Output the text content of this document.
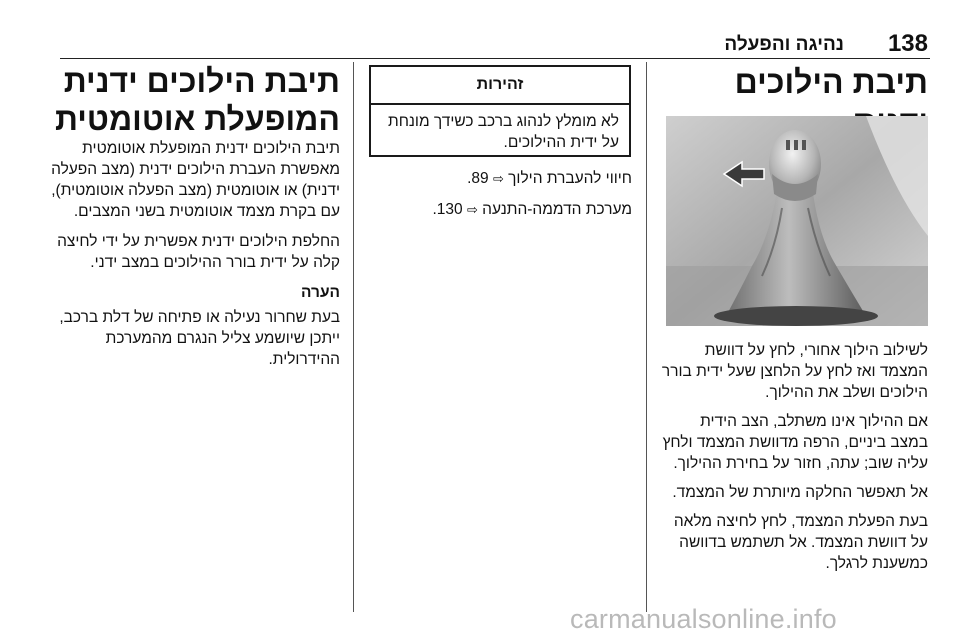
נהיגה והפעלה 138
תיבת הילוכים

לשילוב הילוך אחורי, לחץ על דוושת המצמד ואז לחץ על הלחצן שעל ידית בורר הילוכים ושלב את ההילוך.

אם ההילוך אינו משתלב, הצב הידית במצב ביניים, הרפה מדוושת המצמד ולחץ עליה שוב; עתה, חזור על בחירת ההילוך.

אל תאפשר החלקה מיותרת של המצמד.

בעת הפעלת המצמד, לחץ לחיצה מלאה על דוושת המצמד. אל תשתמש בדוושה כמשענת לרגלך.

זהירות
לא מומלץ לנהוג ברכב כשידך מונחת על ידית ההילוכים.

חיווי להעברת הילוך ⇨ 89.

מערכת הדממה-התנעה ⇨ 130.

תיבת הילוכים ידנית המופעלת אוטומטית

תיבת הילוכים ידנית המופעלת אוטומטית מאפשרת העברת הילוכים ידנית (מצב הפעלה ידנית) או אוטומטית (מצב הפעלה אוטומטית), עם בקרת מצמד אוטומטית בשני המצבים.

החלפת הילוכים ידנית אפשרית על ידי לחיצה קלה על ידית בורר ההילוכים במצב ידני.

הערה

בעת שחרור נעילה או פתיחה של דלת ברכב, ייתכן שיושמע צליל הנגרם מהמערכת ההידרולית.

carmanualsonline.info
